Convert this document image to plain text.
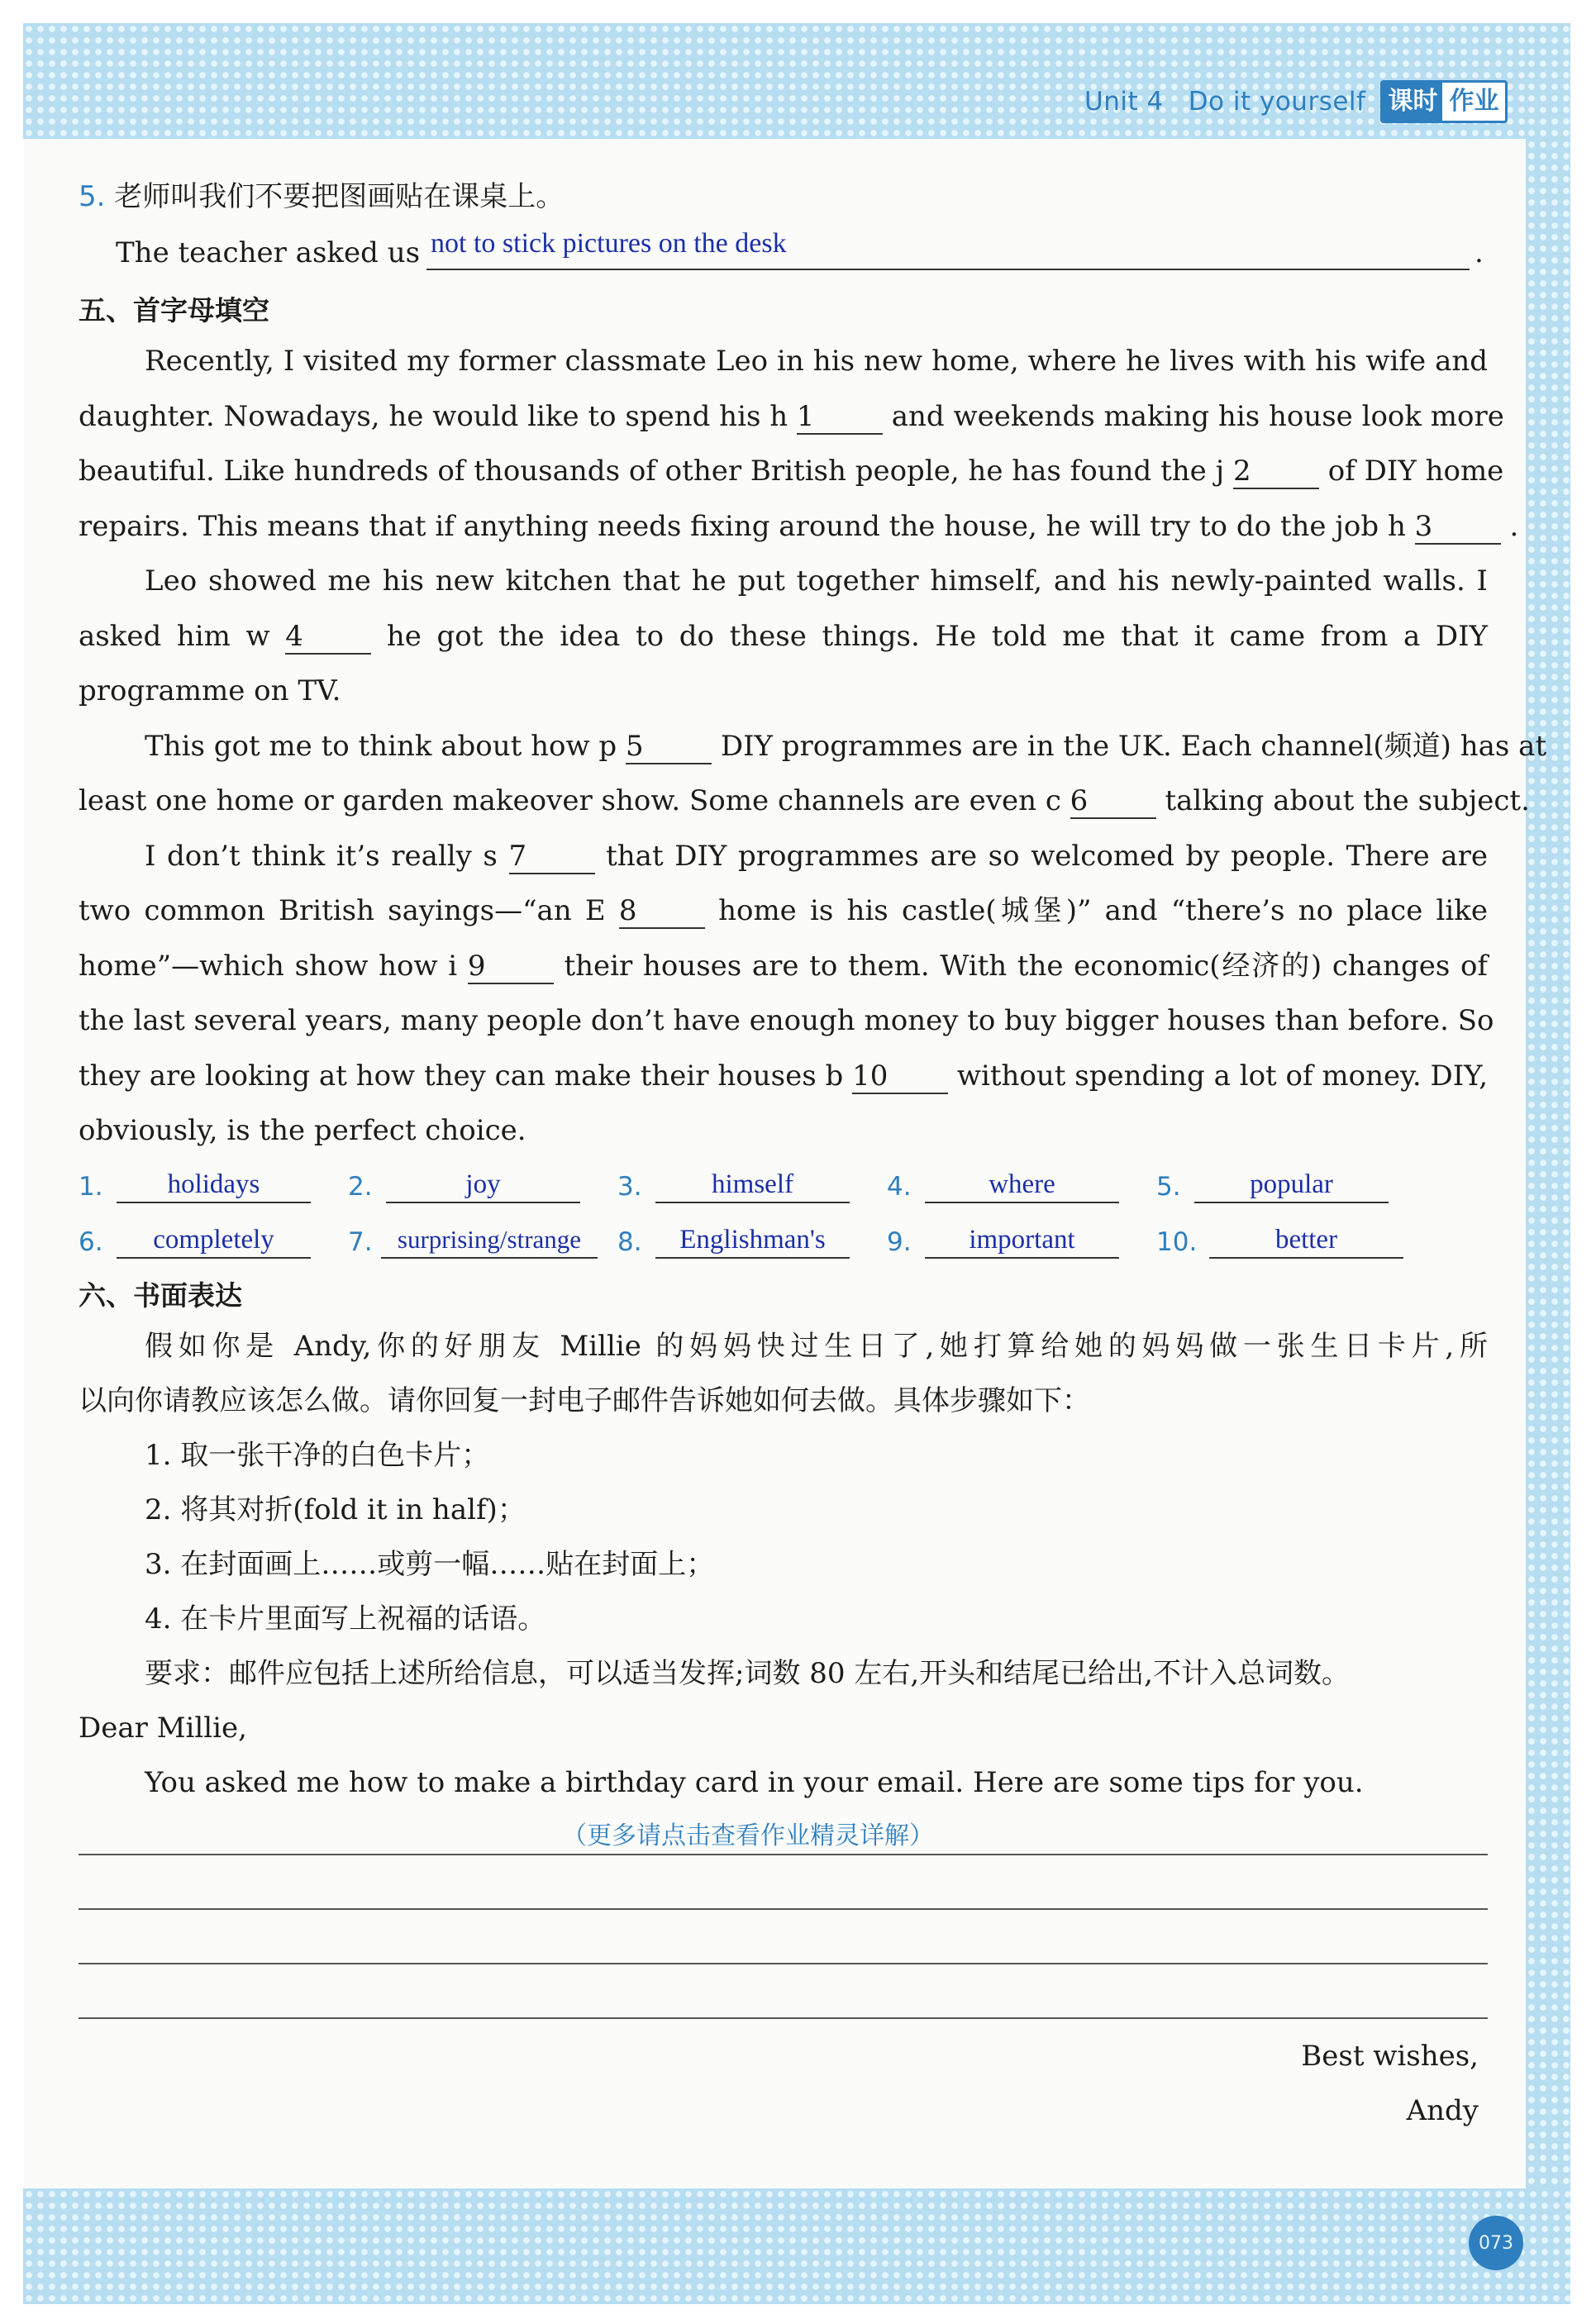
Unit 4 Do it yourself 课时 作业
5. 老师叫我们不要把图画贴在课桌上。
The teacher asked us not to stick pictures on the desk	.
五、首字母填空
Recently, I visited my former classmate Leo in his new home, where he lives with his wife and
daughter. Nowadays, he would like to spend his h 1	and weekends making his house look more
beautiful. Like hundreds of thousands of other British people, he has found the j 2	of DIY home
repairs. This means that if anything needs fixing around the house, he will try to do the job h 3	.
Leo showed me his new kitchen that he put together himself, and his newly-painted walls. I
asked him w 4	he got the idea to do these things. He told me that it came from a DIY
programme on TV.
This got me to think about how p 5	DIY programmes are in the UK. Each channel(频道) has at
least one home or garden makeover show. Some channels are even c 6	talking about the subject.
I don’t think it’s really s 7	that DIY programmes are so welcomed by people. There are
two common British sayings—“an E 8	home is his castle(城堡)” and “there’s no place like
home”—which show how i 9	their houses are to them. With the economic(经济的) changes of
the last several years, many people don’t have enough money to buy bigger houses than before. So
they are looking at how they can make their houses b 10 without spending a lot of money. DIY,
obviously, is the perfect choice.
1.	holidays	2.	joy	3.	himself	4.	where	5.	popular
6.	completely	7. surprising/strange	8.	Englishman's	9.	important	10.	better
六、书面表达
假如你是 Andy,你的好朋友 Millie 的妈妈快过生日了,她打算给她的妈妈做一张生日卡片,所
以向你请教应该怎么做。请你回复一封电子邮件告诉她如何去做。具体步骤如下：
1. 取一张干净的白色卡片；
2. 将其对折(fold it in half)；
3. 在封面画上……或剪一幅……贴在封面上；
4. 在卡片里面写上祝福的话语。
要求：邮件应包括上述所给信息，可以适当发挥;词数 80 左右,开头和结尾已给出,不计入总词数。
Dear Millie,
You asked me how to make a birthday card in your email. Here are some tips for you.
（更多请点击查看作业精灵详解）
Best wishes,
Andy
073
